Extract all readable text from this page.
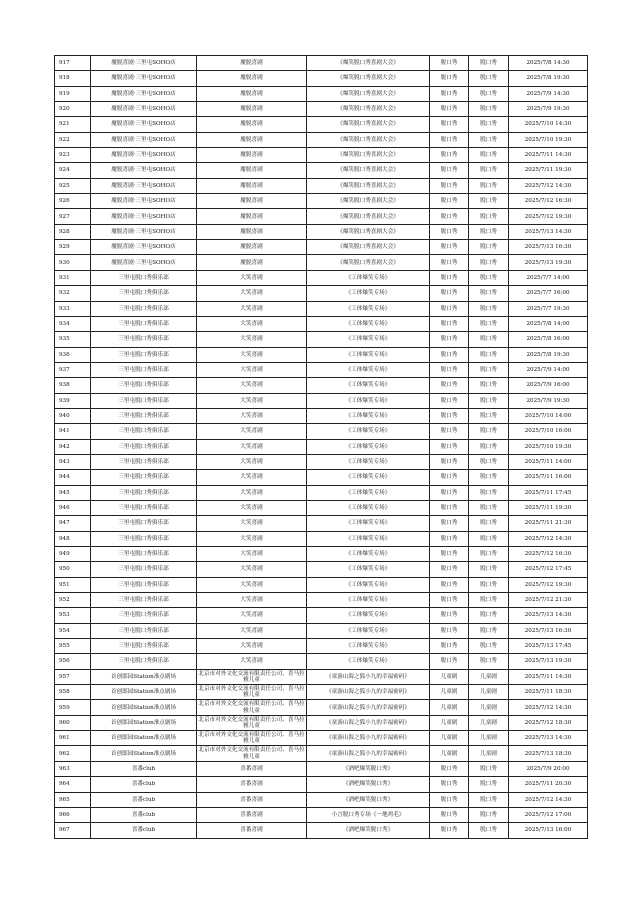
917	魔脱喜剧·三里屯SOHO店	魔脱喜剧	《爆笑脱口秀喜剧大会》	脱口秀	脱口秀	2025/7/8 14:30
918	魔脱喜剧·三里屯SOHO店	魔脱喜剧	《爆笑脱口秀喜剧大会》	脱口秀	脱口秀	2025/7/8 19:30
919	魔脱喜剧·三里屯SOHO店	魔脱喜剧	《爆笑脱口秀喜剧大会》	脱口秀	脱口秀	2025/7/9 14:30
920	魔脱喜剧·三里屯SOHO店	魔脱喜剧	《爆笑脱口秀喜剧大会》	脱口秀	脱口秀	2025/7/9 19:30
921	魔脱喜剧·三里屯SOHO店	魔脱喜剧	《爆笑脱口秀喜剧大会》	脱口秀	脱口秀	2025/7/10 14:30
922	魔脱喜剧·三里屯SOHO店	魔脱喜剧	《爆笑脱口秀喜剧大会》	脱口秀	脱口秀	2025/7/10 19:30
923	魔脱喜剧·三里屯SOHO店	魔脱喜剧	《爆笑脱口秀喜剧大会》	脱口秀	脱口秀	2025/7/11 14:30
924	魔脱喜剧·三里屯SOHO店	魔脱喜剧	《爆笑脱口秀喜剧大会》	脱口秀	脱口秀	2025/7/11 19:30
925	魔脱喜剧·三里屯SOHO店	魔脱喜剧	《爆笑脱口秀喜剧大会》	脱口秀	脱口秀	2025/7/12 14:30
926	魔脱喜剧·三里屯SOHO店	魔脱喜剧	《爆笑脱口秀喜剧大会》	脱口秀	脱口秀	2025/7/12 16:30
927	魔脱喜剧·三里屯SOHO店	魔脱喜剧	《爆笑脱口秀喜剧大会》	脱口秀	脱口秀	2025/7/12 19:30
928	魔脱喜剧·三里屯SOHO店	魔脱喜剧	《爆笑脱口秀喜剧大会》	脱口秀	脱口秀	2025/7/13 14:30
929	魔脱喜剧·三里屯SOHO店	魔脱喜剧	《爆笑脱口秀喜剧大会》	脱口秀	脱口秀	2025/7/13 16:30
930	魔脱喜剧·三里屯SOHO店	魔脱喜剧	《爆笑脱口秀喜剧大会》	脱口秀	脱口秀	2025/7/13 19:30
931	三里屯脱口秀俱乐部	大笑喜剧	《工体爆笑专场》	脱口秀	脱口秀	2025/7/7 14:00
932	三里屯脱口秀俱乐部	大笑喜剧	《工体爆笑专场》	脱口秀	脱口秀	2025/7/7 16:00
933	三里屯脱口秀俱乐部	大笑喜剧	《工体爆笑专场》	脱口秀	脱口秀	2025/7/7 19:30
934	三里屯脱口秀俱乐部	大笑喜剧	《工体爆笑专场》	脱口秀	脱口秀	2025/7/8 14:00
935	三里屯脱口秀俱乐部	大笑喜剧	《工体爆笑专场》	脱口秀	脱口秀	2025/7/8 16:00
936	三里屯脱口秀俱乐部	大笑喜剧	《工体爆笑专场》	脱口秀	脱口秀	2025/7/8 19:30
937	三里屯脱口秀俱乐部	大笑喜剧	《工体爆笑专场》	脱口秀	脱口秀	2025/7/9 14:00
938	三里屯脱口秀俱乐部	大笑喜剧	《工体爆笑专场》	脱口秀	脱口秀	2025/7/9 16:00
939	三里屯脱口秀俱乐部	大笑喜剧	《工体爆笑专场》	脱口秀	脱口秀	2025/7/9 19:30
940	三里屯脱口秀俱乐部	大笑喜剧	《工体爆笑专场》	脱口秀	脱口秀	2025/7/10 14:00
941	三里屯脱口秀俱乐部	大笑喜剧	《工体爆笑专场》	脱口秀	脱口秀	2025/7/10 16:00
942	三里屯脱口秀俱乐部	大笑喜剧	《工体爆笑专场》	脱口秀	脱口秀	2025/7/10 19:30
943	三里屯脱口秀俱乐部	大笑喜剧	《工体爆笑专场》	脱口秀	脱口秀	2025/7/11 14:00
944	三里屯脱口秀俱乐部	大笑喜剧	《工体爆笑专场》	脱口秀	脱口秀	2025/7/11 16:00
945	三里屯脱口秀俱乐部	大笑喜剧	《工体爆笑专场》	脱口秀	脱口秀	2025/7/11 17:45
946	三里屯脱口秀俱乐部	大笑喜剧	《工体爆笑专场》	脱口秀	脱口秀	2025/7/11 19:30
947	三里屯脱口秀俱乐部	大笑喜剧	《工体爆笑专场》	脱口秀	脱口秀	2025/7/11 21:30
948	三里屯脱口秀俱乐部	大笑喜剧	《工体爆笑专场》	脱口秀	脱口秀	2025/7/12 14:30
949	三里屯脱口秀俱乐部	大笑喜剧	《工体爆笑专场》	脱口秀	脱口秀	2025/7/12 16:30
950	三里屯脱口秀俱乐部	大笑喜剧	《工体爆笑专场》	脱口秀	脱口秀	2025/7/12 17:45
951	三里屯脱口秀俱乐部	大笑喜剧	《工体爆笑专场》	脱口秀	脱口秀	2025/7/12 19:30
952	三里屯脱口秀俱乐部	大笑喜剧	《工体爆笑专场》	脱口秀	脱口秀	2025/7/12 21:30
953	三里屯脱口秀俱乐部	大笑喜剧	《工体爆笑专场》	脱口秀	脱口秀	2025/7/13 14:30
954	三里屯脱口秀俱乐部	大笑喜剧	《工体爆笑专场》	脱口秀	脱口秀	2025/7/13 16:30
955	三里屯脱口秀俱乐部	大笑喜剧	《工体爆笑专场》	脱口秀	脱口秀	2025/7/13 17:45
956	三里屯脱口秀俱乐部	大笑喜剧	《工体爆笑专场》	脱口秀	脱口秀	2025/7/13 19:30
957	首创郎园Station准点剧场	北京市对外文化交流有限责任公司、喜马拉雅儿童	《童游山海之狐小九的幸福密码》	儿童剧	儿童剧	2025/7/11 14:30
958	首创郎园Station准点剧场	北京市对外文化交流有限责任公司、喜马拉雅儿童	《童游山海之狐小九的幸福密码》	儿童剧	儿童剧	2025/7/11 18:30
959	首创郎园Station准点剧场	北京市对外文化交流有限责任公司、喜马拉雅儿童	《童游山海之狐小九的幸福密码》	儿童剧	儿童剧	2025/7/12 14:30
960	首创郎园Station准点剧场	北京市对外文化交流有限责任公司、喜马拉雅儿童	《童游山海之狐小九的幸福密码》	儿童剧	儿童剧	2025/7/12 18:30
961	首创郎园Station准点剧场	北京市对外文化交流有限责任公司、喜马拉雅儿童	《童游山海之狐小九的幸福密码》	儿童剧	儿童剧	2025/7/13 14:30
962	首创郎园Station准点剧场	北京市对外文化交流有限责任公司、喜马拉雅儿童	《童游山海之狐小九的幸福密码》	儿童剧	儿童剧	2025/7/13 18:30
963	喜番club	喜番喜剧	《酒吧爆笑脱口秀》	脱口秀	脱口秀	2025/7/9 20:00
964	喜番club	喜番喜剧	《酒吧爆笑脱口秀》	脱口秀	脱口秀	2025/7/11 20:30
965	喜番club	喜番喜剧	《酒吧爆笑脱口秀》	脱口秀	脱口秀	2025/7/12 14:30
966	喜番club	喜番喜剧	小言脱口秀专场《一地鸡毛》	脱口秀	脱口秀	2025/7/12 17:00
967	喜番club	喜番喜剧	《酒吧爆笑脱口秀》	脱口秀	脱口秀	2025/7/13 16:00
